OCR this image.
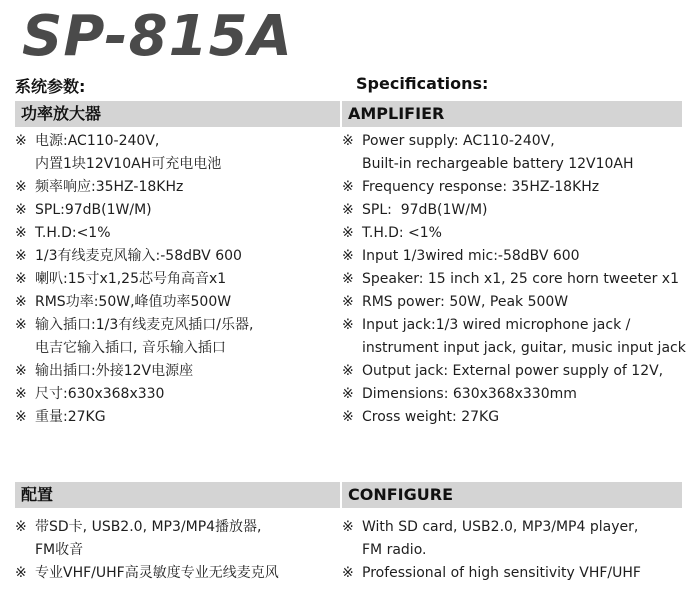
SP-815A
系统参数:
功率放大器
※ 电源:AC110-240V,
内置1块12V10AH可充电电池
※ 频率响应:35HZ-18KHz
※ SPL:97dB(1W/M)
※ T.H.D:<1%
※ 1/3有线麦克风输入:-58dBV 600
※ 喇叭:15寸x1,25芯号角高音x1
※ RMS功率:50W,峰值功率500W
※ 输入插口:1/3有线麦克风插口/乐器,
电吉它输入插口, 音乐输入插口
※ 输出插口:外接12V电源座
※ 尺寸:630x368x330
※ 重量:27KG
配置
※ 带SD卡, USB2.0, MP3/MP4播放器,
FM收音
※ 专业VHF/UHF高灵敏度专业无线麦克风
Specifications:
AMPLIFIER
※ Power supply: AC110-240V,
Built-in rechargeable battery 12V10AH
※ Frequency response: 35HZ-18KHz
※ SPL:  97dB(1W/M)
※ T.H.D: <1%
※ Input 1/3wired mic:-58dBV 600
※ Speaker: 15 inch x1, 25 core horn tweeter x1
※ RMS power: 50W, Peak 500W
※ Input jack:1/3 wired microphone jack /
instrument input jack, guitar, music input jack
※ Output jack: External power supply of 12V,
※ Dimensions: 630x368x330mm
※ Cross weight: 27KG
CONFIGURE
※ With SD card, USB2.0, MP3/MP4 player,
FM radio.
※ Professional of high sensitivity VHF/UHF
